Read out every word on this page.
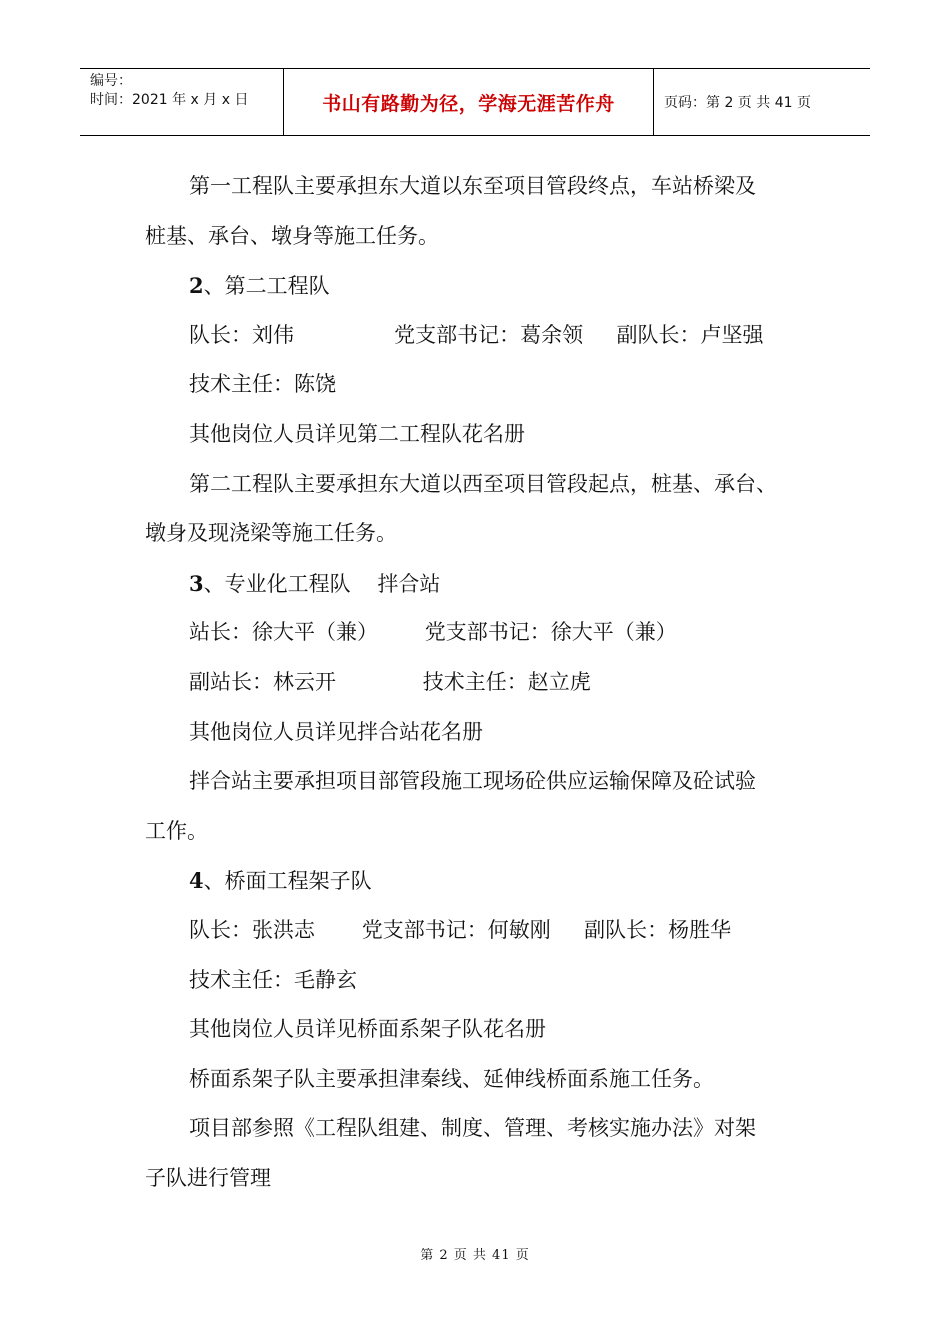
编号：
时间：2021 年 x 月 x 日	书山有路勤为径，学海无涯苦作舟	页码：第 2 页 共 41 页

第一工程队主要承担东大道以东至项目管段终点，车站桥梁及

桩基、承台、墩身等施工任务。

2、第二工程队

队长：刘伟               党支部书记：葛余领     副队长：卢坚强

技术主任：陈饶

其他岗位人员详见第二工程队花名册

第二工程队主要承担东大道以西至项目管段起点，桩基、承台、

墩身及现浇梁等施工任务。

3、专业化工程队    拌合站

站长：徐大平（兼）       党支部书记：徐大平（兼）

副站长：林云开             技术主任：赵立虎

其他岗位人员详见拌合站花名册

拌合站主要承担项目部管段施工现场砼供应运输保障及砼试验

工作。

4、桥面工程架子队

队长：张洪志       党支部书记：何敏刚     副队长：杨胜华

技术主任：毛静玄

其他岗位人员详见桥面系架子队花名册

桥面系架子队主要承担津秦线、延伸线桥面系施工任务。

项目部参照《工程队组建、制度、管理、考核实施办法》对架

子队进行管理

第 2 页 共 41 页
